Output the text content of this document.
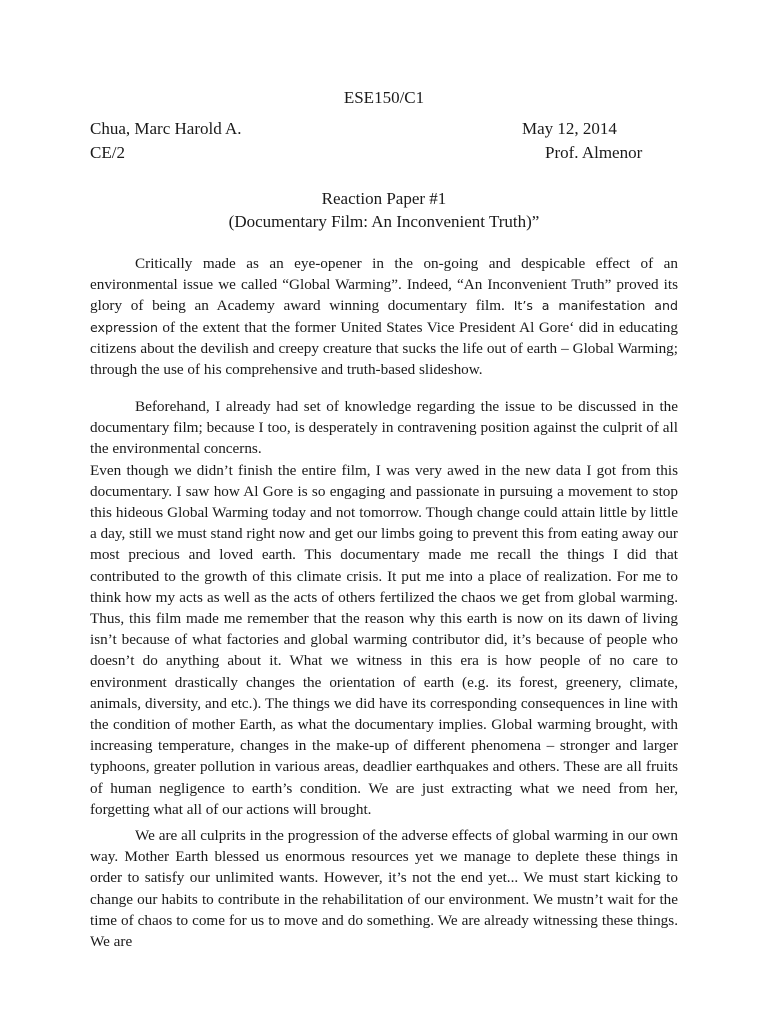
ESE150/C1
Chua, Marc Harold A.	May 12, 2014
CE/2	Prof. Almenor
Reaction Paper #1
(Documentary Film: An Inconvenient Truth)”

Critically made as an eye-opener in the on-going and despicable effect of an environmental issue we called “Global Warming”. Indeed, “An Inconvenient Truth” proved its glory of being an Academy award winning documentary film. It’s a manifestation and expression of the extent that the former United States Vice President Al Gore‘ did in educating citizens about the devilish and creepy creature that sucks the life out of earth – Global Warming; through the use of his comprehensive and truth-based slideshow.

Beforehand, I already had set of knowledge regarding the issue to be discussed in the documentary film; because I too, is desperately in contravening position against the culprit of all the environmental concerns.

Even though we didn’t finish the entire film, I was very awed in the new data I got from this documentary. I saw how Al Gore is so engaging and passionate in pursuing a movement to stop this hideous Global Warming today and not tomorrow. Though change could attain little by little a day, still we must stand right now and get our limbs going to prevent this from eating away our most precious and loved earth. This documentary made me recall the things I did that contributed to the growth of this climate crisis. It put me into a place of realization. For me to think how my acts as well as the acts of others fertilized the chaos we get from global warming. Thus, this film made me remember that the reason why this earth is now on its dawn of living isn’t because of what factories and global warming contributor did, it’s because of people who doesn’t do anything about it. What we witness in this era is how people of no care to environment drastically changes the orientation of earth (e.g. its forest, greenery, climate, animals, diversity, and etc.). The things we did have its corresponding consequences in line with the condition of mother Earth, as what the documentary implies. Global warming brought, with increasing temperature, changes in the make-up of different phenomena – stronger and larger typhoons, greater pollution in various areas, deadlier earthquakes and others. These are all fruits of human negligence to earth’s condition. We are just extracting what we need from her, forgetting what all of our actions will brought.

We are all culprits in the progression of the adverse effects of global warming in our own way. Mother Earth blessed us enormous resources yet we manage to deplete these things in order to satisfy our unlimited wants. However, it’s not the end yet... We must start kicking to change our habits to contribute in the rehabilitation of our environment. We mustn’t wait for the time of chaos to come for us to move and do something. We are already witnessing these things. We are
